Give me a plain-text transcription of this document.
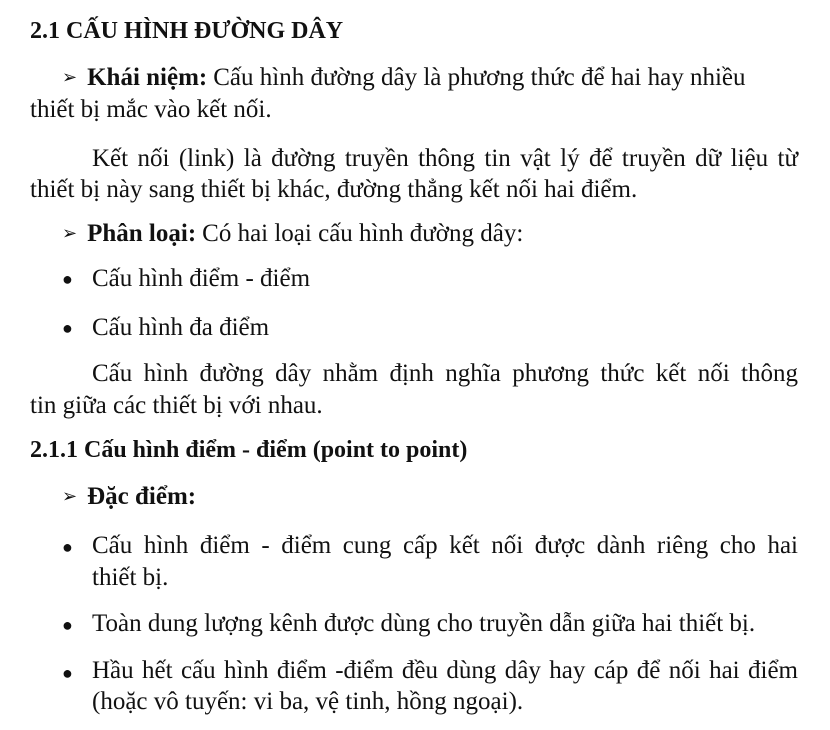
2.1 CẤU HÌNH ĐƯỜNG DÂY
➢ Khái niệm: Cấu hình đường dây là phương thức để hai hay nhiều
thiết bị mắc vào kết nối.
Kết nối (link) là đường truyền thông tin vật lý để truyền dữ liệu từ
thiết bị này sang thiết bị khác, đường thẳng kết nối hai điểm.
➢ Phân loại: Có hai loại cấu hình đường dây:
● Cấu hình điểm - điểm
● Cấu hình đa điểm
Cấu hình đường dây nhằm định nghĩa phương thức kết nối thông
tin giữa các thiết bị với nhau.
2.1.1 Cấu hình điểm - điểm (point to point)
➢ Đặc điểm:
● Cấu hình điểm - điểm cung cấp kết nối được dành riêng cho hai
thiết bị.
● Toàn dung lượng kênh được dùng cho truyền dẫn giữa hai thiết bị.
● Hầu hết cấu hình điểm -điểm đều dùng dây hay cáp để nối hai điểm
(hoặc vô tuyến: vi ba, vệ tinh, hồng ngoại).
